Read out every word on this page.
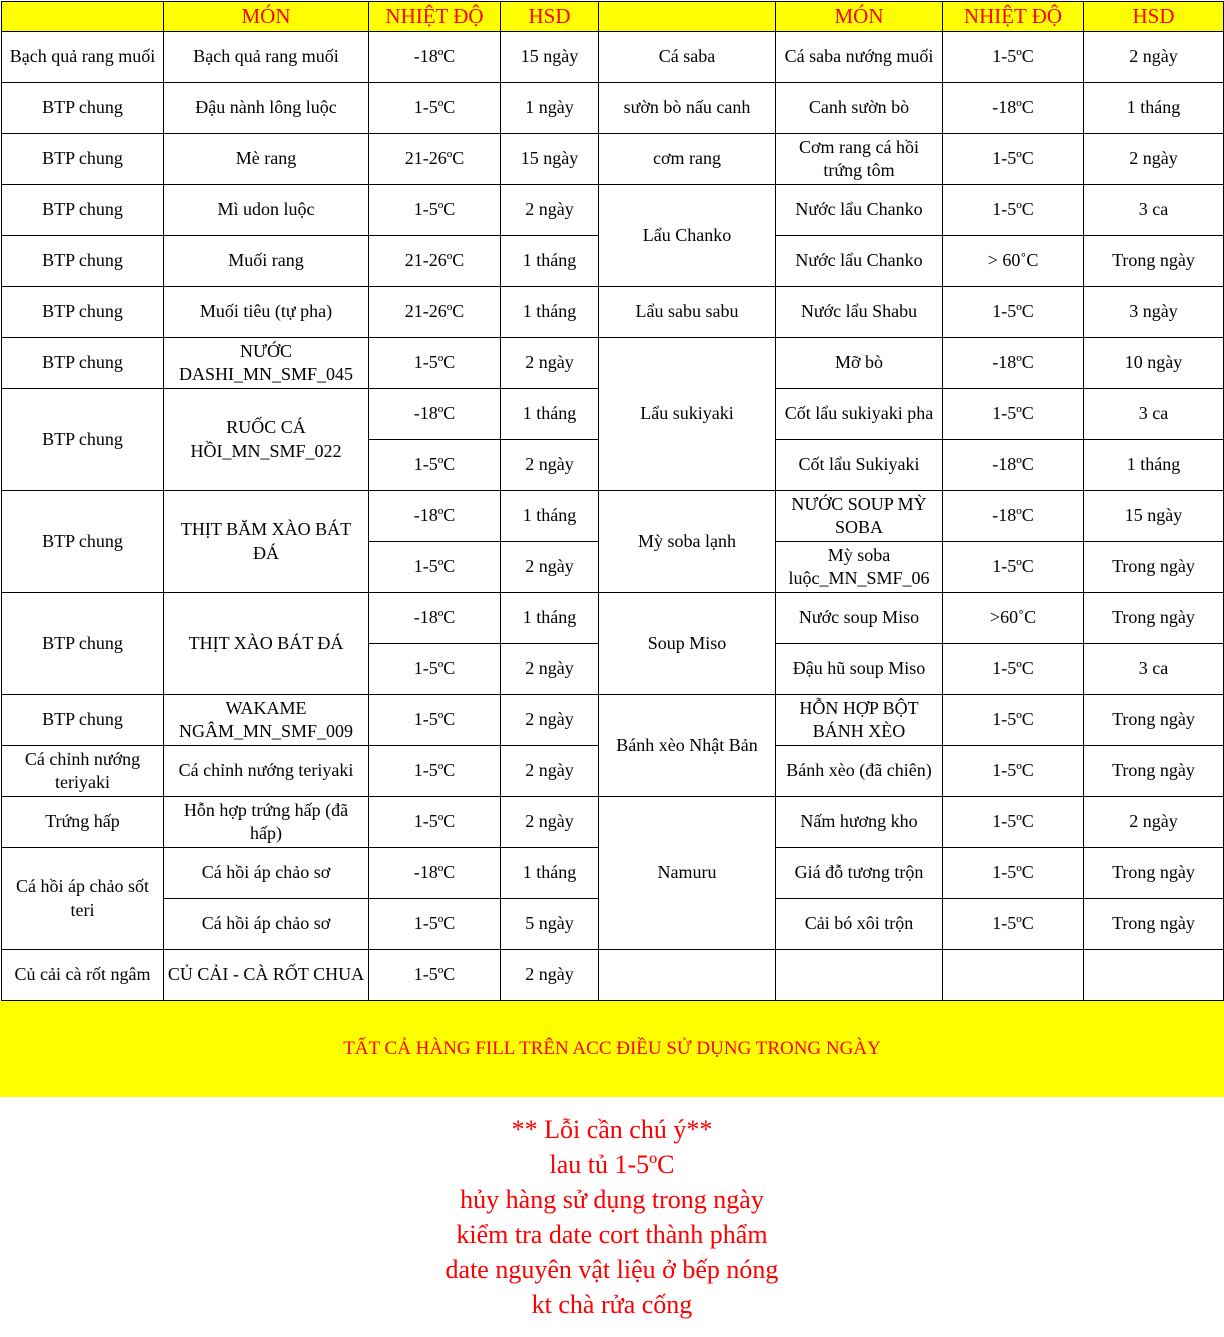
	MÓN	NHIỆT ĐỘ	HSD		MÓN	NHIỆT ĐỘ	HSD
Bạch quả rang muối	Bạch quả rang muối	-18ºC	15 ngày	Cá saba	Cá saba nướng muối	1-5ºC	2 ngày
BTP chung	Đậu nành lông luộc	1-5ºC	1 ngày	sườn bò nấu canh	Canh sườn bò	-18ºC	1 tháng
BTP chung	Mè rang	21-26ºC	15 ngày	cơm rang	Cơm rang cá hồi trứng tôm	1-5ºC	2 ngày
BTP chung	Mì udon luộc	1-5ºC	2 ngày	Lẩu Chanko	Nước lẩu Chanko	1-5ºC	3 ca
BTP chung	Muối rang	21-26ºC	1 tháng		Nước lẩu Chanko	> 60˚C	Trong ngày
BTP chung	Muối tiêu (tự pha)	21-26ºC	1 tháng	Lẩu sabu sabu	Nước lẩu Shabu	1-5ºC	3 ngày
BTP chung	NƯỚC DASHI_MN_SMF_045	1-5ºC	2 ngày	Lẩu sukiyaki	Mỡ bò	-18ºC	10 ngày
BTP chung	RUỐC CÁ HỒI_MN_SMF_022	-18ºC	1 tháng		Cốt lẩu sukiyaki pha	1-5ºC	3 ca
		1-5ºC	2 ngày		Cốt lẩu Sukiyaki	-18ºC	1 tháng
BTP chung	THỊT BĂM XÀO BÁT ĐÁ	-18ºC	1 tháng	Mỳ soba lạnh	NƯỚC SOUP MỲ SOBA	-18ºC	15 ngày
		1-5ºC	2 ngày		Mỳ soba luộc_MN_SMF_06	1-5ºC	Trong ngày
BTP chung	THỊT XÀO BÁT ĐÁ	-18ºC	1 tháng	Soup Miso	Nước soup Miso	>60˚C	Trong ngày
		1-5ºC	2 ngày		Đậu hũ soup Miso	1-5ºC	3 ca
BTP chung	WAKAME NGÂM_MN_SMF_009	1-5ºC	2 ngày	Bánh xèo Nhật Bản	HỖN HỢP BỘT BÁNH XÈO	1-5ºC	Trong ngày
Cá chỉnh nướng teriyaki	Cá chỉnh nướng teriyaki	1-5ºC	2 ngày		Bánh xèo (đã chiên)	1-5ºC	Trong ngày
Trứng hấp	Hỗn hợp trứng hấp (đã hấp)	1-5ºC	2 ngày	Namuru	Nấm hương kho	1-5ºC	2 ngày
Cá hồi áp chảo sốt teri	Cá hồi áp chảo sơ	-18ºC	1 tháng		Giá đỗ tương trộn	1-5ºC	Trong ngày
	Cá hồi áp chảo sơ	1-5ºC	5 ngày		Cải bó xôi trộn	1-5ºC	Trong ngày
Củ cải cà rốt ngâm	CỦ CẢI - CÀ RỐT CHUA	1-5ºC	2 ngày				
TẤT CẢ HÀNG FILL TRÊN ACC ĐIỀU SỬ DỤNG TRONG NGÀY
** Lỗi cần chú ý**
lau tủ 1-5ºC
hủy hàng sử dụng trong ngày
kiểm tra date cort thành phẩm
date nguyên vật liệu ở bếp nóng
kt chà rửa cống
